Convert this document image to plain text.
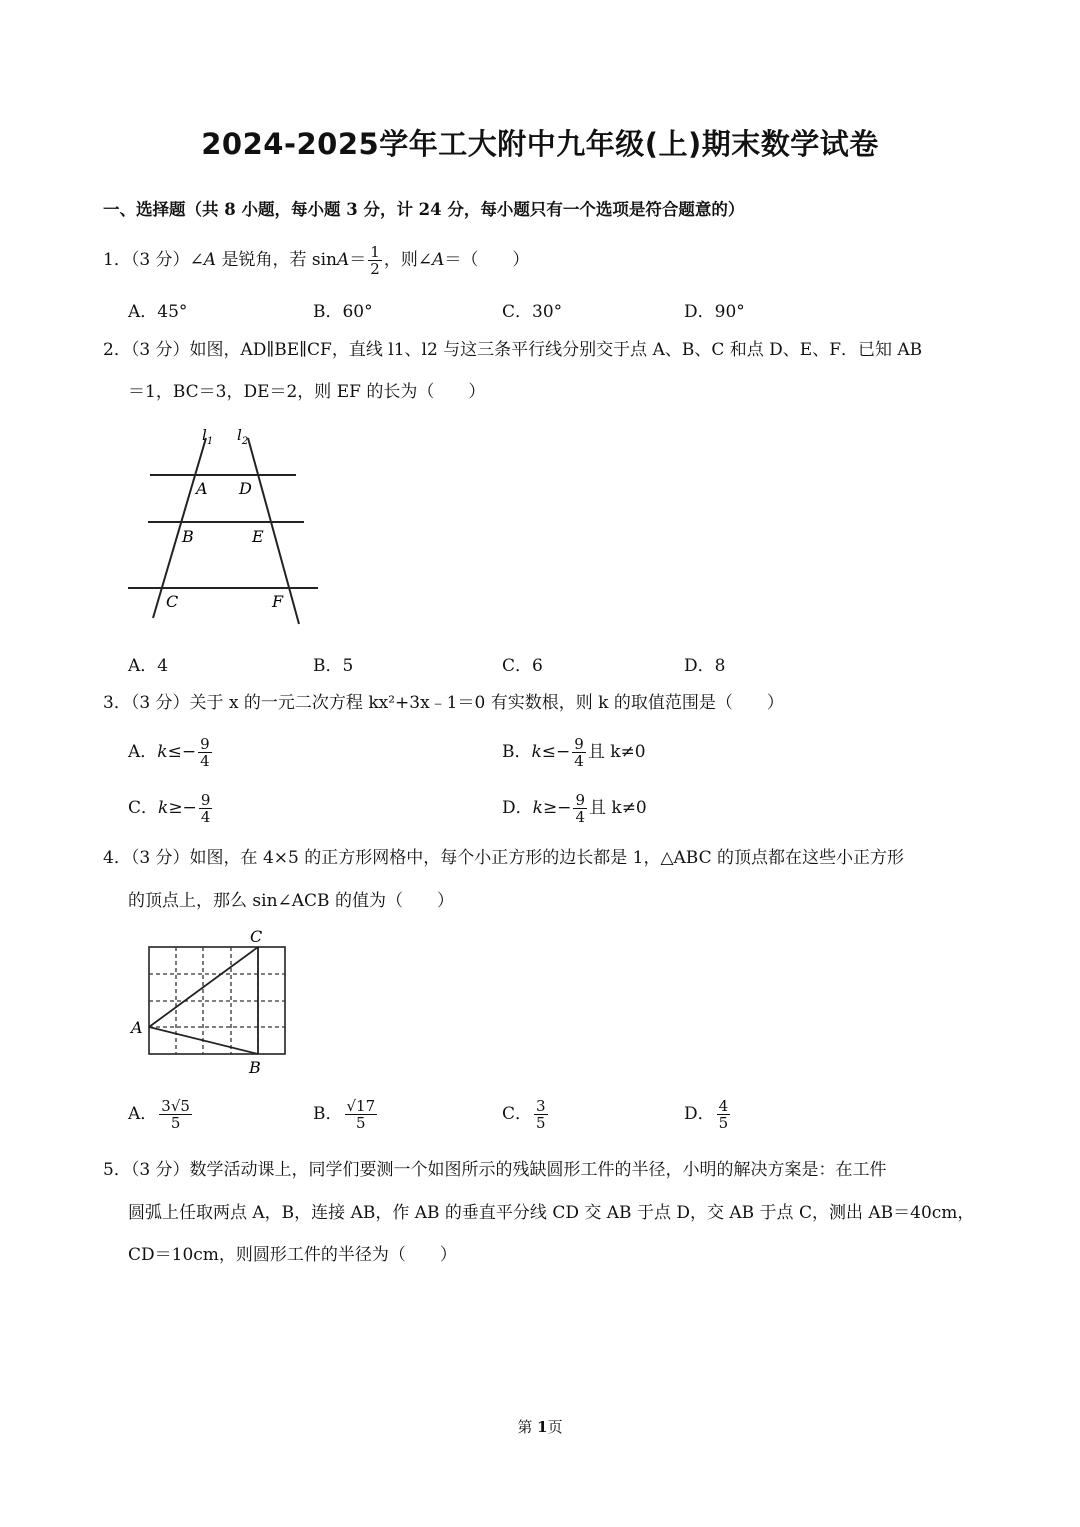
2024-2025学年工大附中九年级(上)期末数学试卷
一、选择题（共 8 小题，每小题 3 分，计 24 分，每小题只有一个选项是符合题意的）
1．（3 分）∠A 是锐角，若 $\sin A= \frac{1}{2}$ ，则∠A＝（　　）
A．45°	B．60°	C．30°	D．90°
2．（3 分）如图，AD∥BE∥CF，直线 l1、l2 与这三条平行线分别交于点 A、B、C 和点 D、E、F．已知 AB
＝1，BC＝3，DE＝2，则 EF 的长为（　　）
$l_1$ $l_2$
A D
B	E
C	F
A．4	B．5	C．6	D．8
3．（3 分）关于 x 的一元二次方程 kx²+3x﹣1＝0 有实数根，则 k 的取值范围是（　　）
A．$k\le- \frac{9}{4}$	B．$k\le- \frac{9}{4}$ 且 k≠0
C．$k\ge- \frac{9}{4}$	D．$k\ge- \frac{9}{4}$ 且 k≠0
4．（3 分）如图，在 4×5 的正方形网格中，每个小正方形的边长都是 1，△ABC 的顶点都在这些小正方形
的顶点上，那么 sin∠ACB 的值为（　　）
C
A
B
A． $\frac{3√5}{5}$	B． $\frac{√17}{5}$	C． $\frac{3}{5}$	D． $\frac{4}{5}$
5．（3 分）数学活动课上，同学们要测一个如图所示的残缺圆形工件的半径，小明的解决方案是：在工件
圆弧上任取两点 A，B，连接 AB，作 AB 的垂直平分线 CD 交 AB 于点 D，交 AB 于点 C，测出 AB＝40cm，
CD＝10cm，则圆形工件的半径为（　　）
第 1页
